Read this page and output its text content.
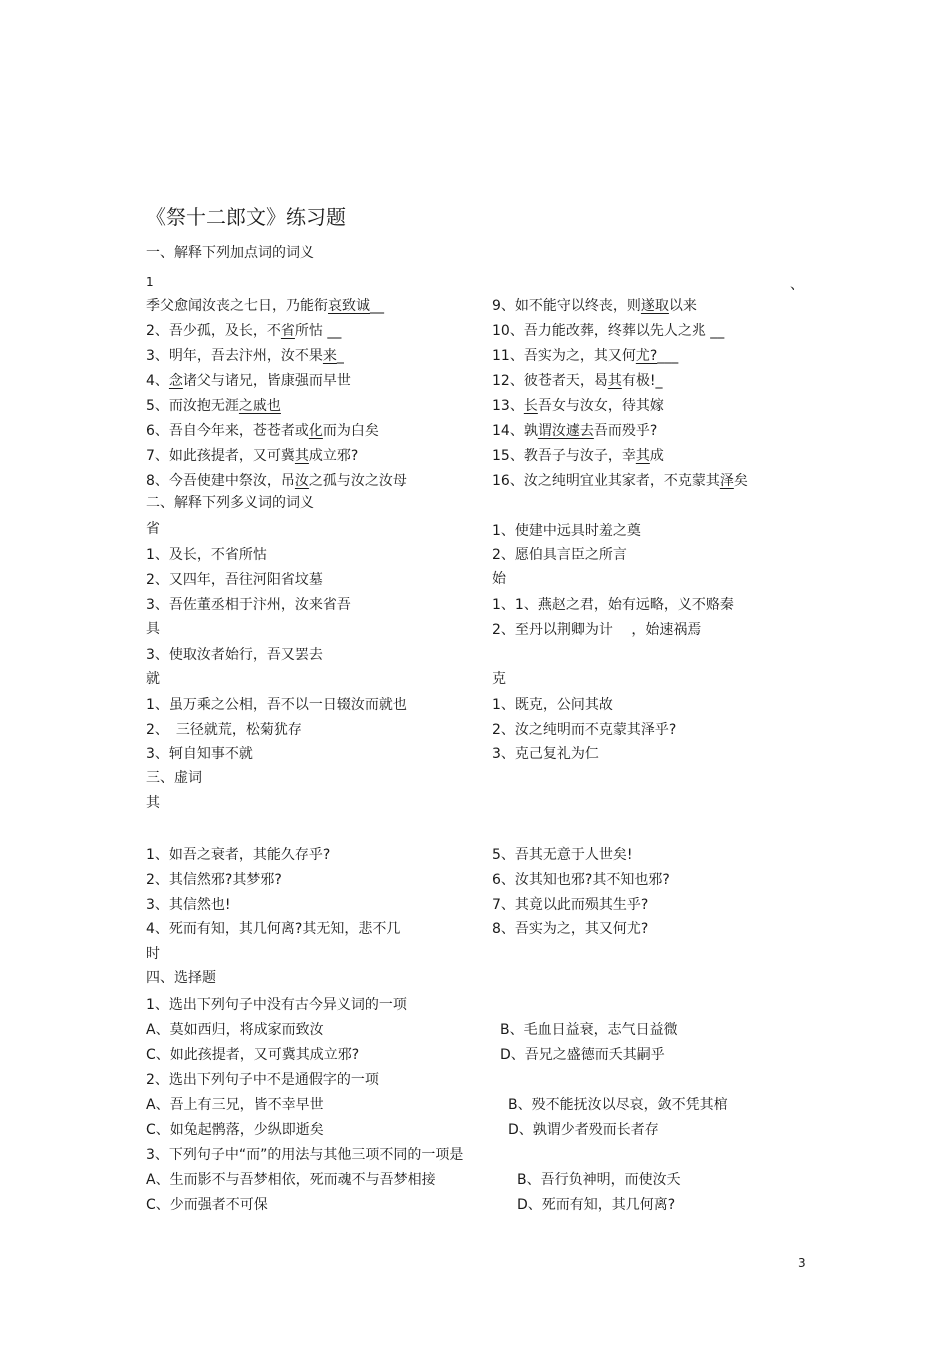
《祭十二郎文》练习题
一、解释下列加点词的词义
1	、
季父愈闻汝丧之七日，乃能衔哀致诚__
2、吾少孤，及长，不省所怙 __
3、明年，吾去汴州，汝不果来_
4、念诸父与诸兄，皆康强而早世
5、而汝抱无涯之戚也
6、吾自今年来，苍苍者或化而为白矣
7、如此孩提者，又可冀其成立邪?
8、今吾使建中祭汝，吊汝之孤与汝之汝母
9、如不能守以终丧，则遂取以来
10、吾力能改葬，终葬以先人之兆 __
11、吾实为之，其又何尤?___
12、彼苍者天，曷其有极!_
13、长吾女与汝女，待其嫁
14、孰谓汝遽去吾而殁乎?
15、教吾子与汝子，幸其成
16、汝之纯明宜业其家者，不克蒙其泽矣
二、解释下列多义词的词义
省
1、及长，不省所怙
2、又四年，吾往河阳省坟墓
3、吾佐董丞相于汴州，汝来省吾
具
3、使取汝者始行，吾又罢去
就
1、虽万乘之公相，吾不以一日辍汝而就也
2、　三径就荒，松菊犹存
3、轲自知事不就
1、使建中远具时羞之奠
2、愿伯具言臣之所言
始
1、1、燕赵之君，始有远略，义不赂秦
2、至丹以荆卿为计　 ，始速祸焉
克
1、既克，公问其故
2、汝之纯明而不克蒙其泽乎?
3、克己复礼为仁
三、虚词
其
1、如吾之衰者，其能久存乎?
2、其信然邪?其梦邪?
3、其信然也!
4、死而有知，其几何离?其无知，悲不几
时
5、吾其无意于人世矣!
6、汝其知也邪?其不知也邪?
7、其竟以此而殒其生乎?
8、吾实为之，其又何尤?
四、选择题
1、选出下列句子中没有古今异义词的一项
A、莫如西归，将成家而致汝	B、毛血日益衰，志气日益微
C、如此孩提者，又可冀其成立邪?	D、吾兄之盛德而夭其嗣乎
2、选出下列句子中不是通假字的一项
A、吾上有三兄，皆不幸早世	B、殁不能抚汝以尽哀，敛不凭其棺
C、如兔起鹘落，少纵即逝矣	D、孰谓少者殁而长者存
3、下列句子中“而”的用法与其他三项不同的一项是
A、生而影不与吾梦相依，死而魂不与吾梦相接	B、吾行负神明，而使汝夭
C、少而强者不可保	D、死而有知，其几何离?
3
